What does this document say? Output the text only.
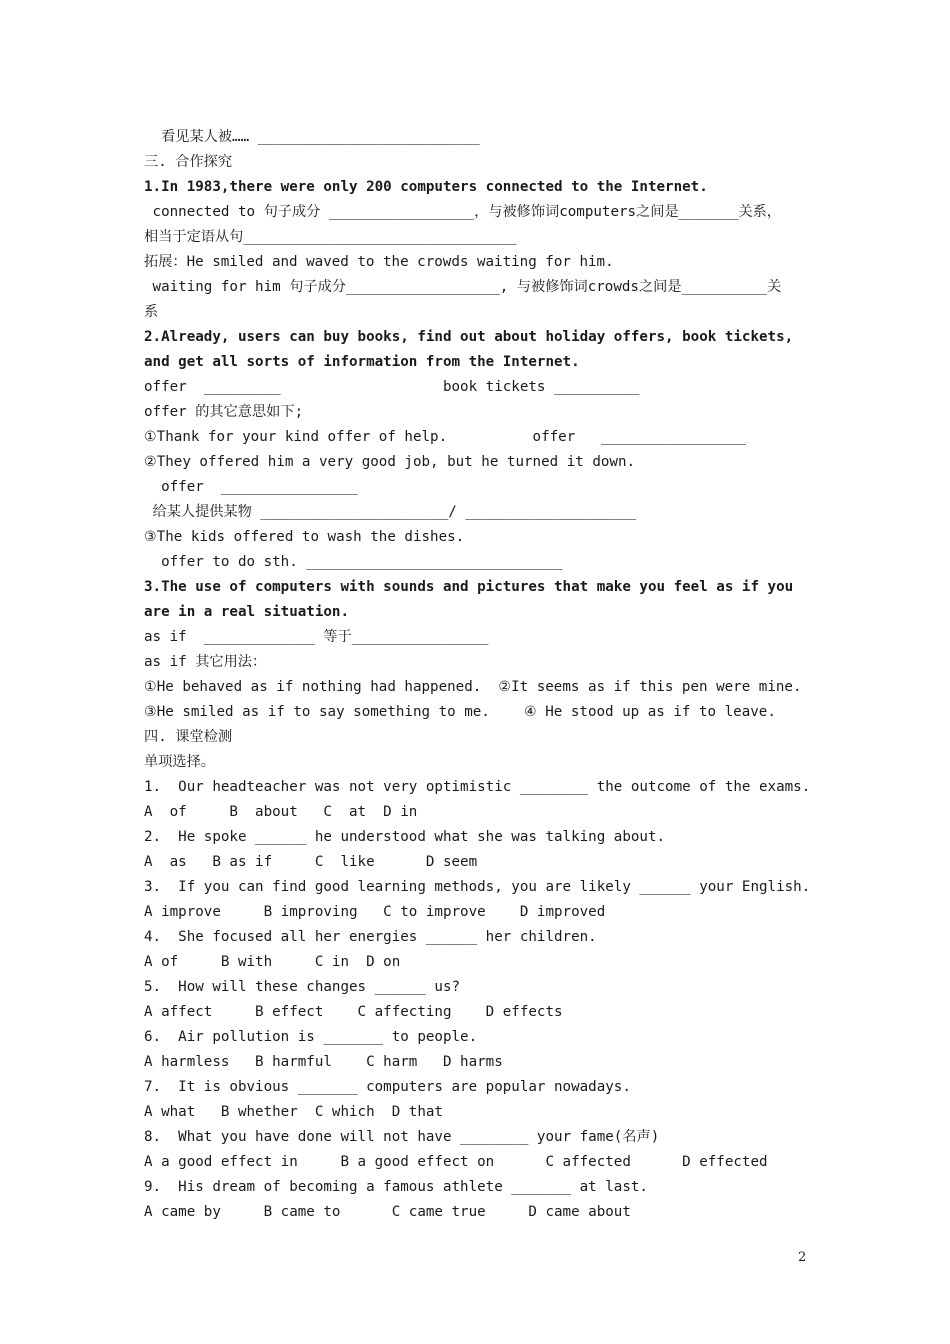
看见某人被…… __________________________
三. 合作探究
1.In 1983,there were only 200 computers connected to the Internet.
connected to 句子成分 _________________，与被修饰词computers之间是_______关系，
相当于定语从句________________________________
拓展：He smiled and waved to the crowds waiting for him.
waiting for him 句子成分__________________, 与被修饰词crowds之间是__________关
系
2.Already, users can buy books, find out about holiday offers, book tickets,
and get all sorts of information from the Internet.
offer  _________                   book tickets __________
offer 的其它意思如下;
①Thank for your kind offer of help.          offer   _________________
②They offered him a very good job, but he turned it down.
offer  ________________
给某人提供某物 ______________________/ ____________________
③The kids offered to wash the dishes.
offer to do sth. ______________________________
3.The use of computers with sounds and pictures that make you feel as if you
are in a real situation.
as if  _____________ 等于________________
as if 其它用法：
①He behaved as if nothing had happened.  ②It seems as if this pen were mine.
③He smiled as if to say something to me.    ④ He stood up as if to leave.
四. 课堂检测
单项选择。
1.  Our headteacher was not very optimistic ________ the outcome of the exams.
A  of     B  about   C  at  D in
2.  He spoke ______ he understood what she was talking about.
A  as   B as if     C  like      D seem
3.  If you can find good learning methods, you are likely ______ your English.
A improve     B improving   C to improve    D improved
4.  She focused all her energies ______ her children.
A of     B with     C in  D on
5.  How will these changes ______ us?
A affect     B effect    C affecting    D effects
6.  Air pollution is _______ to people.
A harmless   B harmful    C harm   D harms
7.  It is obvious _______ computers are popular nowadays.
A what   B whether  C which  D that
8.  What you have done will not have ________ your fame(名声)
A a good effect in     B a good effect on      C affected      D effected
9.  His dream of becoming a famous athlete _______ at last.
A came by     B came to      C came true     D came about
2
